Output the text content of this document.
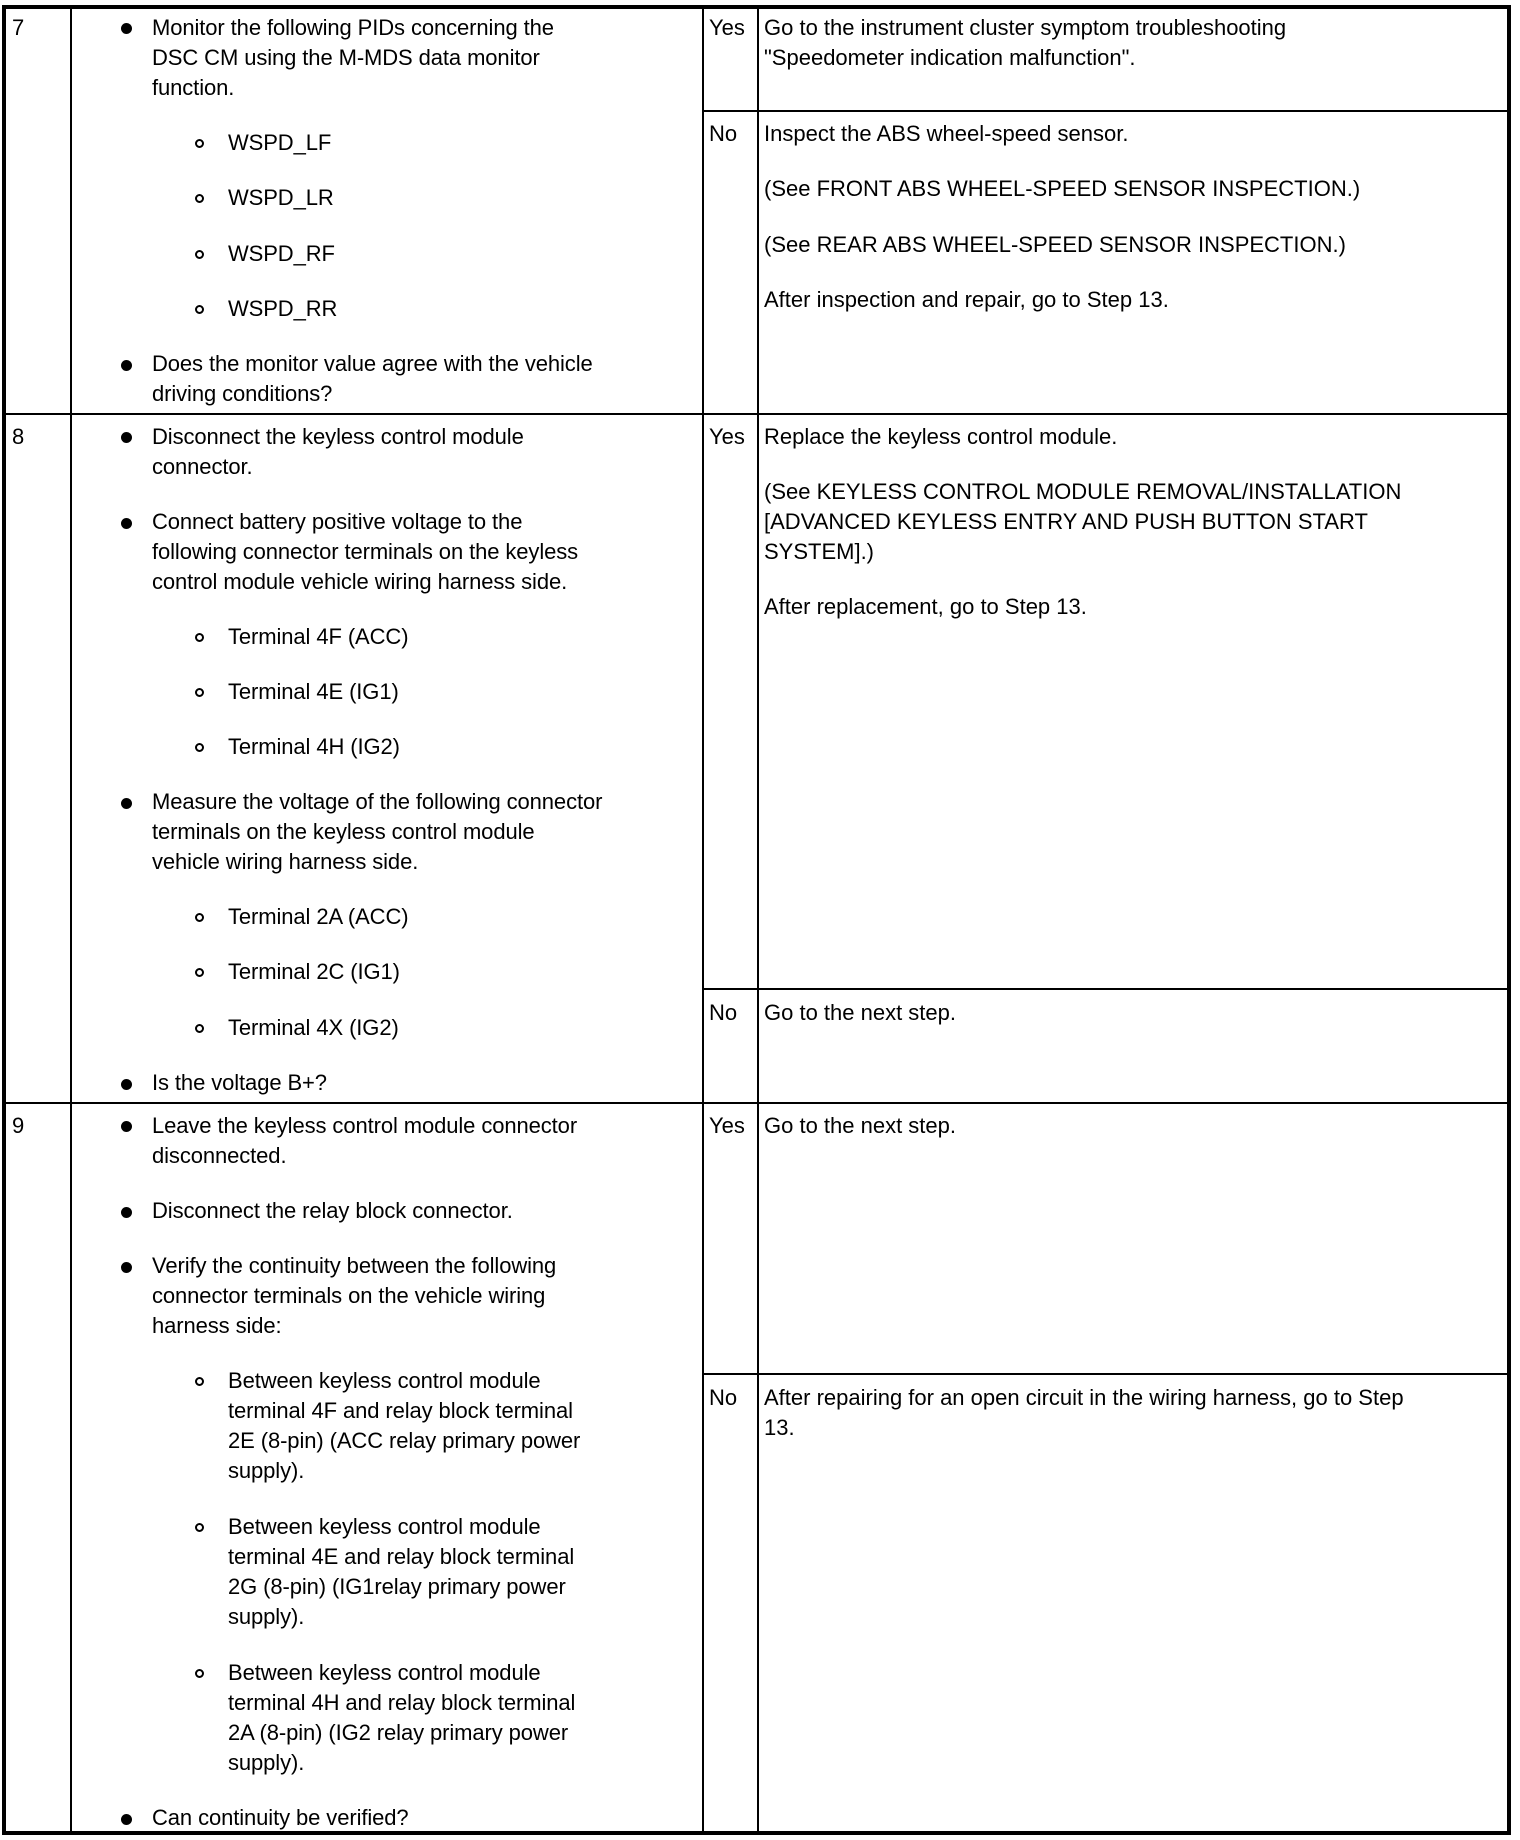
7	Monitor the following PIDs concerning the
DSC CM using the M-MDS data monitor
function.
WSPD_LF
WSPD_LR
WSPD_RF
WSPD_RR
Does the monitor value agree with the vehicle
driving conditions?
Yes Go to the instrument cluster symptom troubleshooting
"Speedometer indication malfunction".
No Inspect the ABS wheel-speed sensor.
(See FRONT ABS WHEEL-SPEED SENSOR INSPECTION.)
(See REAR ABS WHEEL-SPEED SENSOR INSPECTION.)
After inspection and repair, go to Step 13.
8	Disconnect the keyless control module
connector.
Connect battery positive voltage to the
following connector terminals on the keyless
control module vehicle wiring harness side.
Terminal 4F (ACC)
Terminal 4E (IG1)
Terminal 4H (IG2)
Measure the voltage of the following connector
terminals on the keyless control module
vehicle wiring harness side.
Terminal 2A (ACC)
Terminal 2C (IG1)
Terminal 4X (IG2)
Is the voltage B+?
Yes Replace the keyless control module.
(See KEYLESS CONTROL MODULE REMOVAL/INSTALLATION
[ADVANCED KEYLESS ENTRY AND PUSH BUTTON START
SYSTEM].)
After replacement, go to Step 13.
No Go to the next step.
9	Leave the keyless control module connector
disconnected.
Disconnect the relay block connector.
Verify the continuity between the following
connector terminals on the vehicle wiring
harness side:
Between keyless control module
terminal 4F and relay block terminal
2E (8-pin) (ACC relay primary power
supply).
Between keyless control module
terminal 4E and relay block terminal
2G (8-pin) (IG1relay primary power
supply).
Between keyless control module
terminal 4H and relay block terminal
2A (8-pin) (IG2 relay primary power
supply).
Can continuity be verified?
Yes Go to the next step.
No After repairing for an open circuit in the wiring harness, go to Step
13.
